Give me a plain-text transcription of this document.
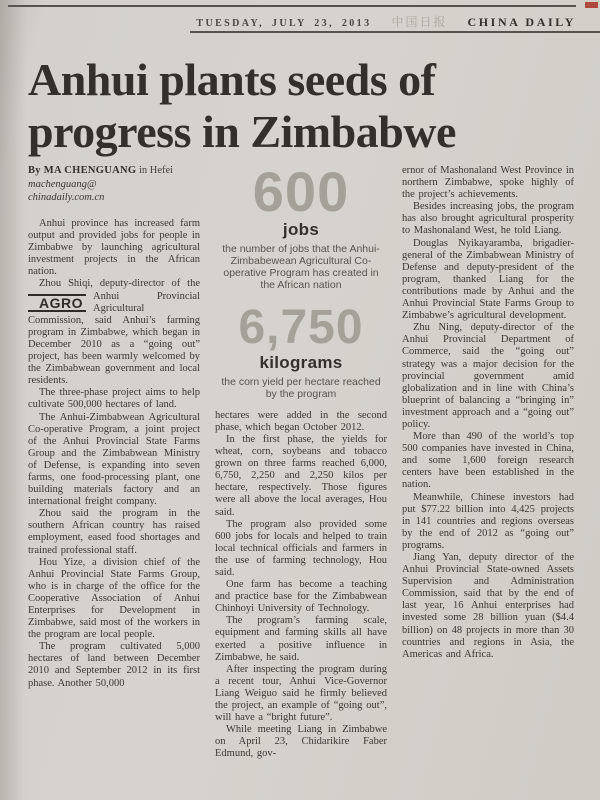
TUESDAY, JULY 23, 2013 中国日报 CHINA DAILY
Anhui plants seeds of
progress in Zimbabwe
By MA CHENGUANG in Hefei
machenguang@
chinadaily.com.cn

Anhui province has increased farm output and provided jobs for people in Zimbabwe by launching agricultural investment projects in the African nation.

Zhou Shiqi, deputy-director of the Anhui
AGRO	Provincial Agricultural Commission, said Anhui’s farming program in Zimbabwe, which began in December 2010 as a “going out” project, has been warmly welcomed by the Zimbabwean government and local residents.

The three-phase project aims to help cultivate 500,000 hectares of land.

The Anhui-Zimbabwean Agricultural Co-operative Program, a joint project of the Anhui Provincial State Farms Group and the Zimbabwean Ministry of Defense, is expanding into seven farms, one food-processing plant, one building materials factory and an international freight company.

Zhou said the program in the southern African country has raised employment, eased food shortages and trained professional staff.

Hou Yize, a division chief of the Anhui Provincial State Farms Group, who is in charge of the office for the Cooperative Association of Anhui Enterprises for Development in Zimbabwe, said most of the workers in the program are local people.

The program cultivated 5,000 hectares of land between December 2010 and September 2012 in its first phase. Another 50,000

600
jobs
the number of jobs that the Anhui-Zimbabewean Agricultural Co-operative Program has created in the African nation
6,750
kilograms
the corn yield per hectare reached by the program

hectares were added in the second phase, which began October 2012.

In the first phase, the yields for wheat, corn, soybeans and tobacco grown on three farms reached 6,000, 6,750, 2,250 and 2,250 kilos per hectare, respectively. Those figures were all above the local averages, Hou said.

The program also provided some 600 jobs for locals and helped to train local technical officials and farmers in the use of farming technology, Hou said.

One farm has become a teaching and practice base for the Zimbabwean Chinhoyi University of Technology.

The program’s farming scale, equipment and farming skills all have exerted a positive influence in Zimbabwe, he said.

After inspecting the program during a recent tour, Anhui Vice-Governor Liang Weiguo said he firmly believed the project, an example of “going out”, will have a “bright future”.

While meeting Liang in Zimbabwe on April 23, Chidarikire Faber Edmund, gov-

ernor of Mashonaland West Province in northern Zimbabwe, spoke highly of the project’s achievements.

Besides increasing jobs, the program has also brought agricultural prosperity to Mashonaland West, he told Liang.

Douglas Nyikayaramba, brigadier-general of the Zimbabwean Ministry of Defense and deputy-president of the program, thanked Liang for the contributions made by Anhui and the Anhui Provincial State Farms Group to Zimbabwe’s agricultural development.

Zhu Ning, deputy-director of the Anhui Provincial Department of Commerce, said the “going out” strategy was a major decision for the provincial government amid globalization and in line with China’s blueprint of balancing a “bringing in” investment approach and a “going out” policy.

More than 490 of the world’s top 500 companies have invested in China, and some 1,600 foreign research centers have been established in the nation.

Meanwhile, Chinese investors had put $77.22 billion into 4,425 projects in 141 countries and regions overseas by the end of 2012 as “going out” programs.

Jiang Yan, deputy director of the Anhui Provincial State-owned Assets Supervision and Administration Commission, said that by the end of last year, 16 Anhui enterprises had invested some 28 billion yuan ($4.4 billion) on 48 projects in more than 30 countries and regions in Asia, the Americas and Africa.
